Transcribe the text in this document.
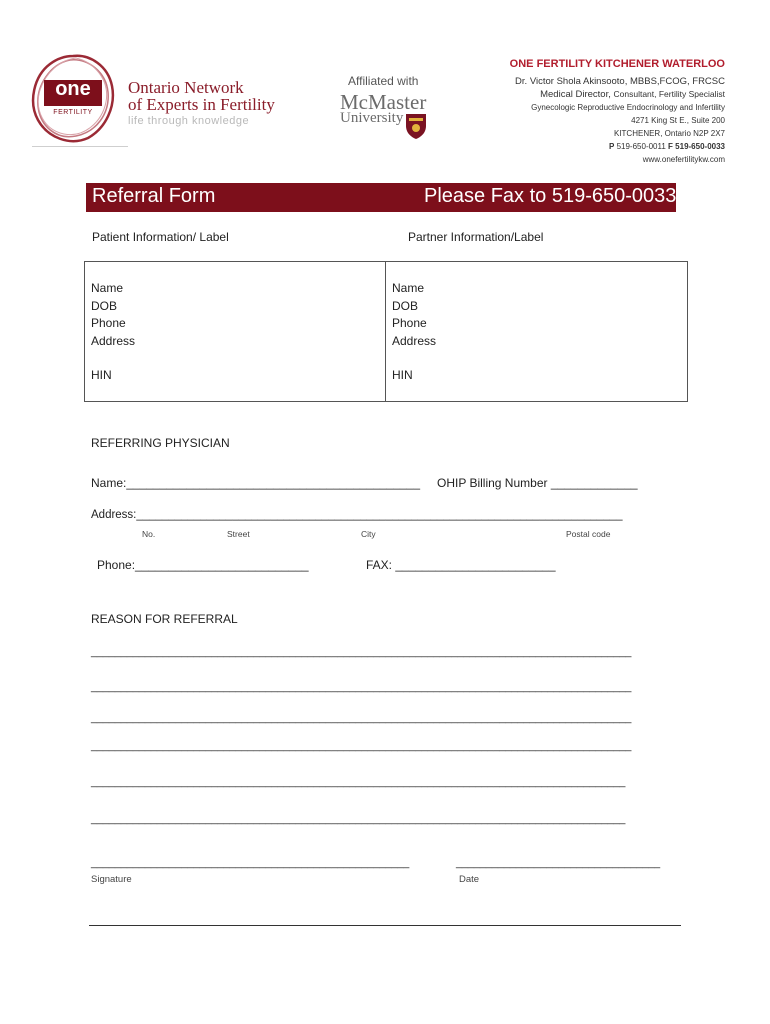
one
FERTILITY
Ontario Network
of Experts in Fertility
life through knowledge
Affiliated with
McMaster
University
ONE FERTILITY KITCHENER WATERLOO
Dr. Victor Shola Akinsooto, MBBS,FCOG, FRCSC
Medical Director, Consultant, Fertility Specialist
Gynecologic Reproductive Endocrinology and Infertility
4271 King St E., Suite 200
KITCHENER, Ontario N2P 2X7
P 519-650-0011 F 519-650-0033
www.onefertilitykw.com
Referral Form	Please Fax to 519-650-0033
Patient Information/ Label	Partner Information/Label
Name
DOB
Phone
Address
HIN
Name
DOB
Phone
Address
HIN
REFERRING PHYSICIAN
Name:____________________________________________ OHIP Billing Number _____________
Address:____________________________________________________________________________
No.	Street	City	Postal code
Phone:__________________________	FAX: ________________________
REASON FOR REFERRAL
__________________________________________________________________________________________
__________________________________________________________________________________________
__________________________________________________________________________________________
__________________________________________________________________________________________
_________________________________________________________________________________________
_________________________________________________________________________________________
_____________________________________________________	__________________________________
Signature	Date
